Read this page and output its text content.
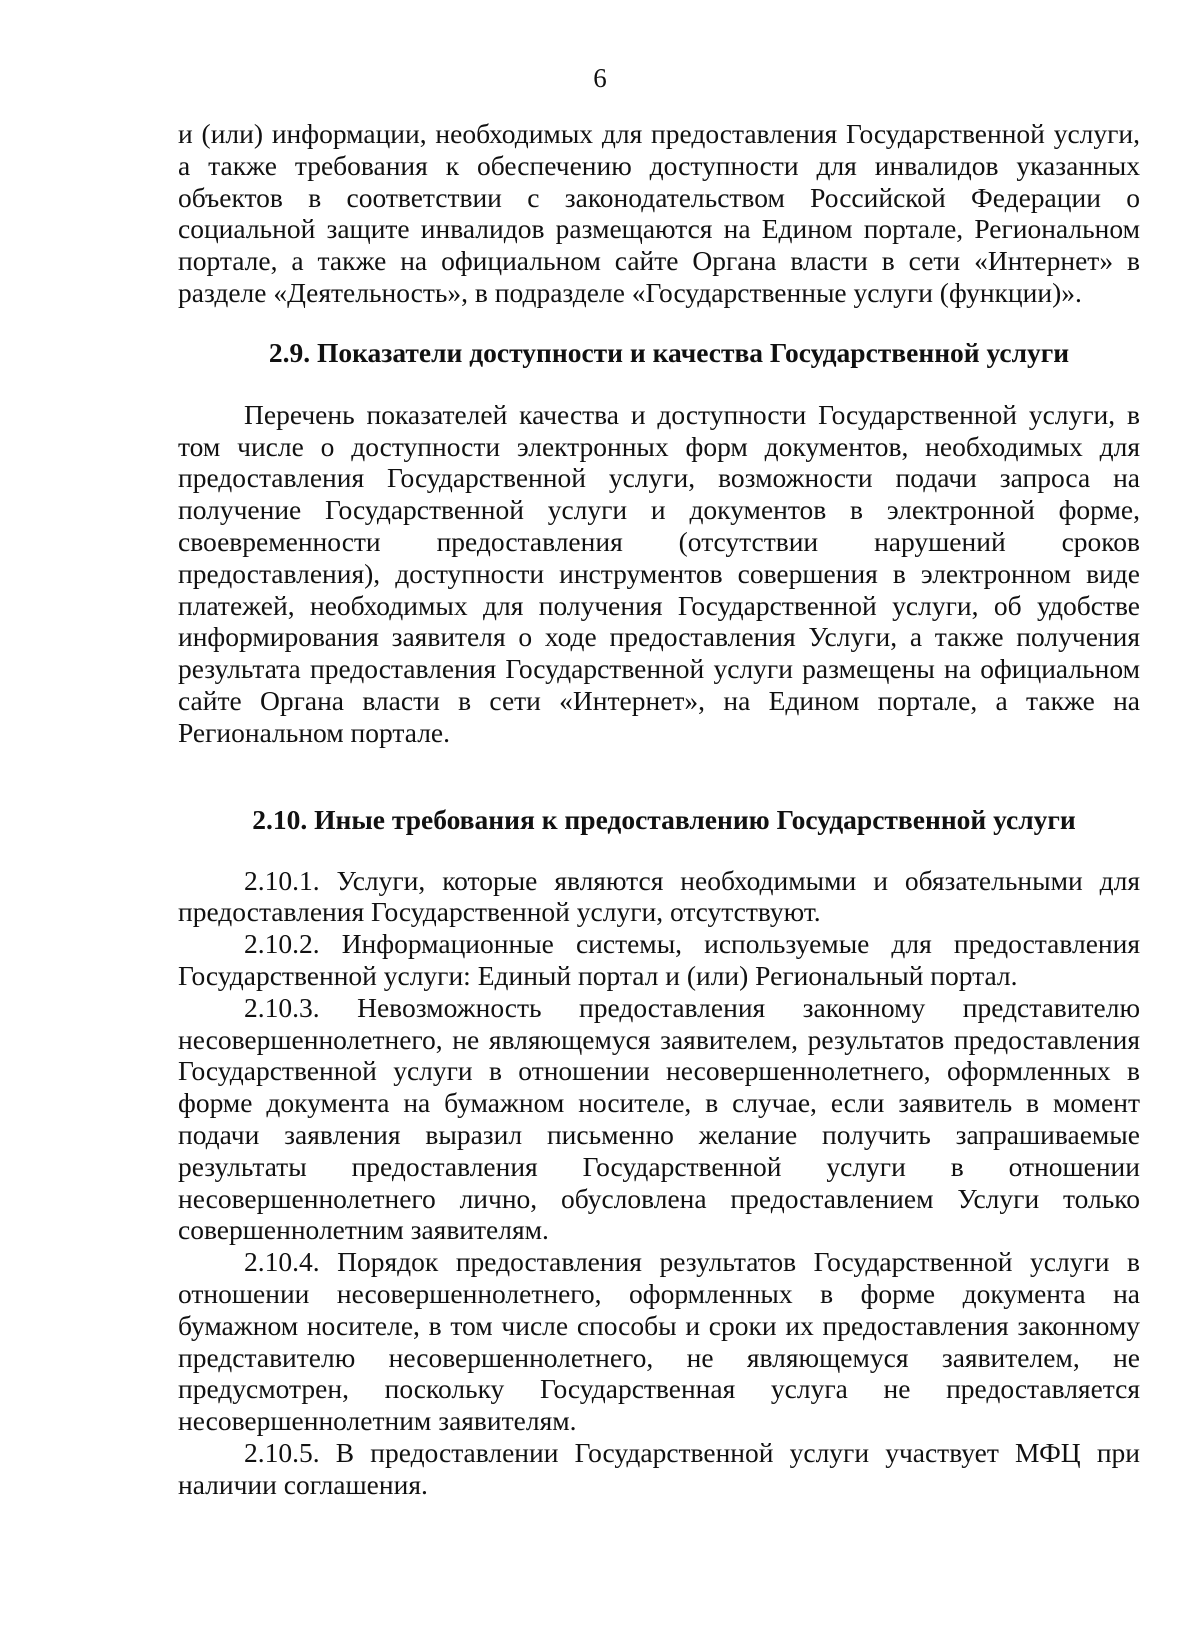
6

и (или) информации, необходимых для предоставления Государственной услуги, а также требования к обеспечению доступности для инвалидов указанных объектов в соответствии с законодательством Российской Федерации о социальной защите инвалидов размещаются на Едином портале, Региональном портале, а также на официальном сайте Органа власти в сети «Интернет» в разделе «Деятельность», в подразделе «Государственные услуги (функции)».

2.9. Показатели доступности и качества Государственной услуги

Перечень показателей качества и доступности Государственной услуги, в том числе о доступности электронных форм документов, необходимых для предоставления Государственной услуги, возможности подачи запроса на получение Государственной услуги и документов в электронной форме, своевременности предоставления (отсутствии нарушений сроков предоставления), доступности инструментов совершения в электронном виде платежей, необходимых для получения Государственной услуги, об удобстве информирования заявителя о ходе предоставления Услуги, а также получения результата предоставления Государственной услуги размещены на официальном сайте Органа власти в сети «Интернет», на Едином портале, а также на Региональном портале.

2.10. Иные требования к предоставлению Государственной услуги

2.10.1. Услуги, которые являются необходимыми и обязательными для предоставления Государственной услуги, отсутствуют.

2.10.2. Информационные системы, используемые для предоставления Государственной услуги: Единый портал и (или) Региональный портал.

2.10.3. Невозможность предоставления законному представителю несовершеннолетнего, не являющемуся заявителем, результатов предоставления Государственной услуги в отношении несовершеннолетнего, оформленных в форме документа на бумажном носителе, в случае, если заявитель в момент подачи заявления выразил письменно желание получить запрашиваемые результаты предоставления Государственной услуги в отношении несовершеннолетнего лично, обусловлена предоставлением Услуги только совершеннолетним заявителям.

2.10.4. Порядок предоставления результатов Государственной услуги в отношении несовершеннолетнего, оформленных в форме документа на бумажном носителе, в том числе способы и сроки их предоставления законному представителю несовершеннолетнего, не являющемуся заявителем, не предусмотрен, поскольку Государственная услуга не предоставляется несовершеннолетним заявителям.

2.10.5. В предоставлении Государственной услуги участвует МФЦ при наличии соглашения.
